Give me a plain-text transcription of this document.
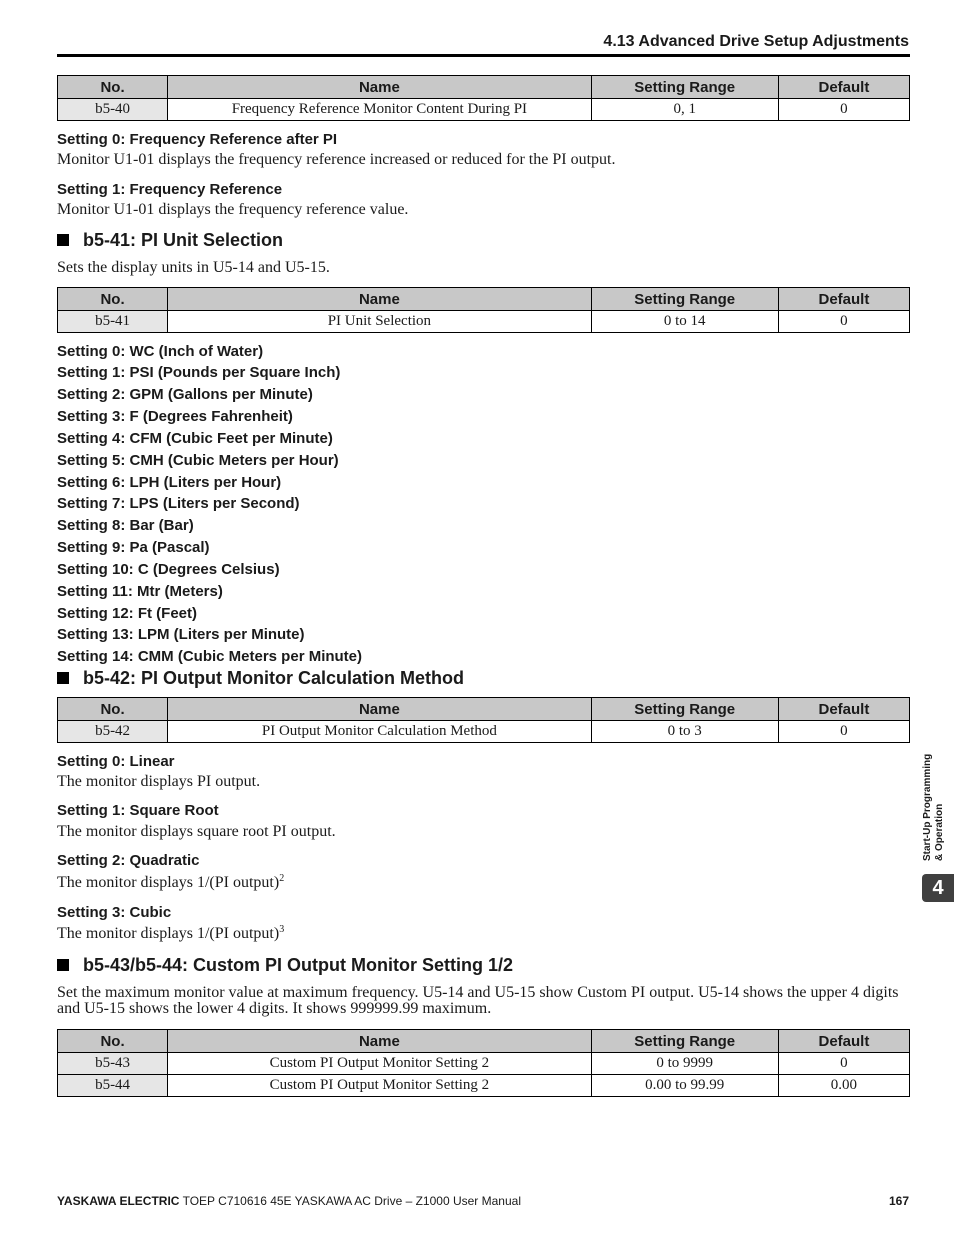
4.13 Advanced Drive Setup Adjustments
No.	Name	Setting Range	Default
b5-40	Frequency Reference Monitor Content During PI	0, 1	0
Setting 0: Frequency Reference after PI
Monitor U1-01 displays the frequency reference increased or reduced for the PI output.
Setting 1: Frequency Reference
Monitor U1-01 displays the frequency reference value.
b5-41: PI Unit Selection
Sets the display units in U5-14 and U5-15.
No.	Name	Setting Range	Default
b5-41	PI Unit Selection	0 to 14	0
Setting 0: WC (Inch of Water)
Setting 1: PSI (Pounds per Square Inch)
Setting 2: GPM (Gallons per Minute)
Setting 3: F (Degrees Fahrenheit)
Setting 4: CFM (Cubic Feet per Minute)
Setting 5: CMH (Cubic Meters per Hour)
Setting 6: LPH (Liters per Hour)
Setting 7: LPS (Liters per Second)
Setting 8: Bar (Bar)
Setting 9: Pa (Pascal)
Setting 10: C (Degrees Celsius)
Setting 11: Mtr (Meters)
Setting 12: Ft (Feet)
Setting 13: LPM (Liters per Minute)
Setting 14: CMM (Cubic Meters per Minute)
b5-42: PI Output Monitor Calculation Method
No.	Name	Setting Range	Default
b5-42	PI Output Monitor Calculation Method	0 to 3	0
Setting 0: Linear
The monitor displays PI output.
Setting 1: Square Root
The monitor displays square root PI output.
Setting 2: Quadratic
The monitor displays 1/(PI output)$^2$
Setting 3: Cubic
The monitor displays 1/(PI output)$^3$
b5-43/b5-44: Custom PI Output Monitor Setting 1/2
Set the maximum monitor value at maximum frequency. U5-14 and U5-15 show Custom PI output. U5-14 shows the upper 4 digits and U5-15 shows the lower 4 digits. It shows 999999.99 maximum.
No.	Name	Setting Range	Default
b5-43	Custom PI Output Monitor Setting 2	0 to 9999	0
b5-44	Custom PI Output Monitor Setting 2	0.00 to 99.99	0.00
Start-Up Programming & Operation
4
YASKAWA ELECTRIC TOEP C710616 45E YASKAWA AC Drive – Z1000 User Manual	167
